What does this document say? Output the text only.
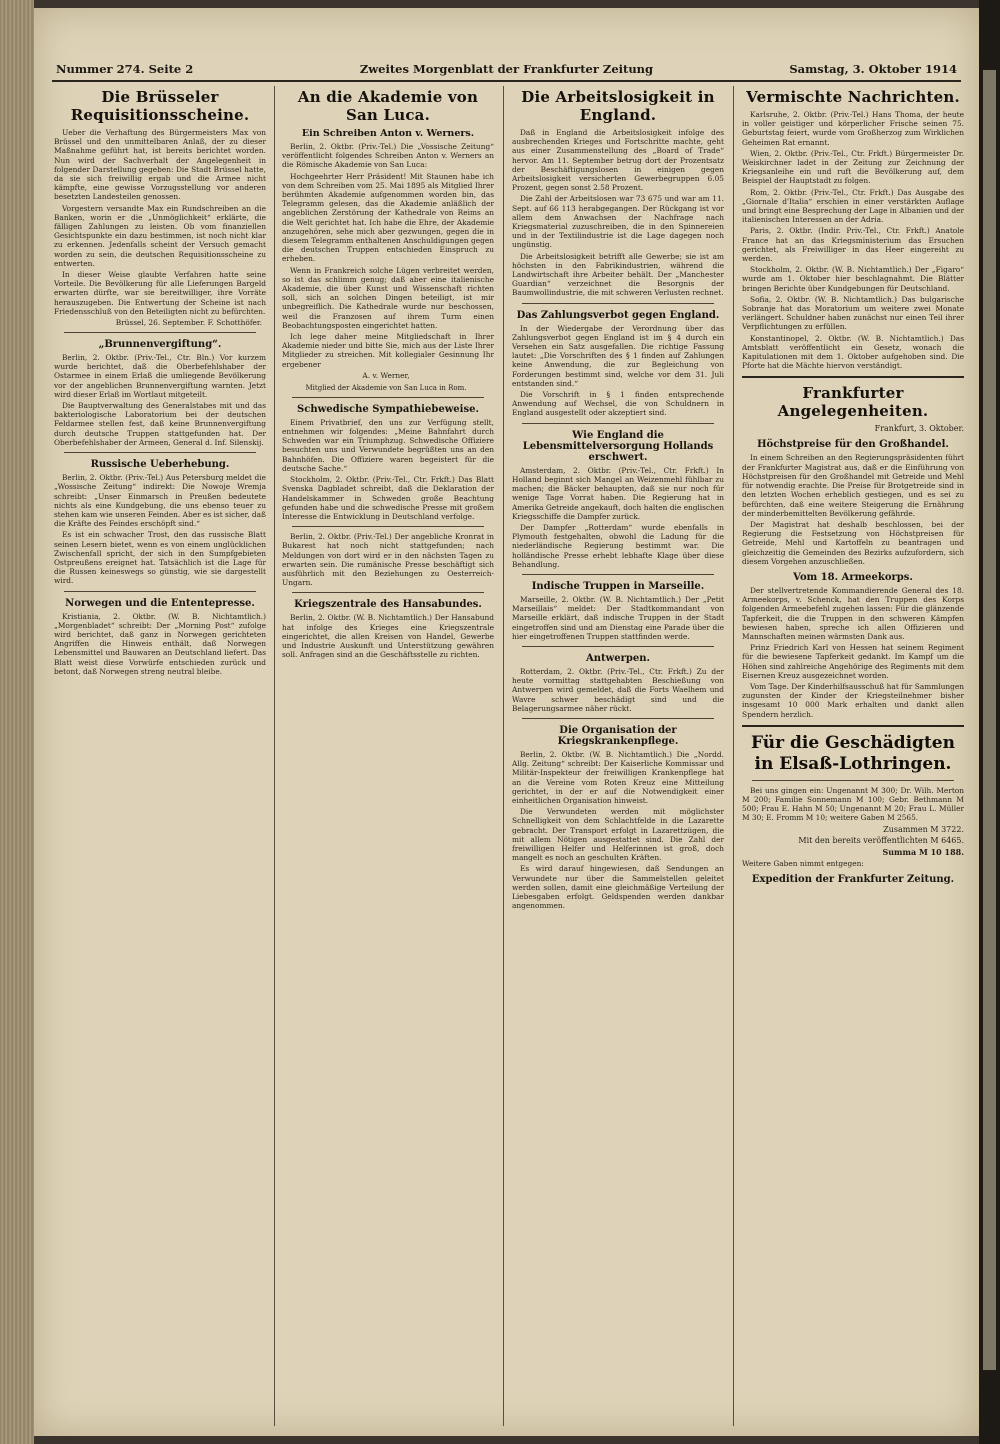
Nummer 274. Seite 2	Zweites Morgenblatt der Frankfurter Zeitung	Samstag, 3. Oktober 1914
Die Brüsseler Requisitionsscheine.

Ueber die Verhaftung des Bürgermeisters Max von Brüssel und den unmittelbaren Anlaß, der zu dieser Maßnahme geführt hat, ist bereits berichtet worden. Nun wird der Sachverhalt der Angelegenheit in folgender Darstellung gegeben: Die Stadt Brüssel hatte, da sie sich freiwillig ergab und die Armee nicht kämpfte, eine gewisse Vorzugsstellung vor anderen besetzten Landesteilen genossen.

Vorgestern versandte Max ein Rundschreiben an die Banken, worin er die „Unmöglichkeit“ erklärte, die fälligen Zahlungen zu leisten. Ob vom finanziellen Gesichtspunkte ein dazu bestimmen, ist noch nicht klar zu erkennen. Jedenfalls scheint der Versuch gemacht worden zu sein, die deutschen Requisitionsscheine zu entwerten.

In dieser Weise glaubte Verfahren hatte seine Vorteile. Die Bevölkerung für alle Lieferungen Bargeld erwarten dürfte, war sie bereitwilliger, ihre Vorräte herauszugeben. Die Entwertung der Scheine ist nach Friedensschluß von den Beteiligten nicht zu befürchten.

Brüssel, 26. September. F. Schotthöfer.
„Brunnenvergiftung“.

Berlin, 2. Oktbr. (Priv.-Tel., Ctr. Bln.) Vor kurzem wurde berichtet, daß die Oberbefehlshaber der Ostarmee in einem Erlaß die umliegende Bevölkerung vor der angeblichen Brunnenvergiftung warnten. Jetzt wird dieser Erlaß im Wortlaut mitgeteilt.

Die Bauptverwaltung des Generalstabes mit und das bakteriologische Laboratorium bei der deutschen Feldarmee stellen fest, daß keine Brunnenvergiftung durch deutsche Truppen stattgefunden hat. Der Oberbefehlshaber der Armeen, General d. Inf. Silenskij.

Russische Ueberhebung.

Berlin, 2. Oktbr. (Priv.-Tel.) Aus Petersburg meldet die „Wossische Zeitung“ indirekt: Die Nowoje Wremja schreibt: „Unser Einmarsch in Preußen bedeutete nichts als eine Kundgebung, die uns ebenso teuer zu stehen kam wie unseren Feinden. Aber es ist sicher, daß die Kräfte des Feindes erschöpft sind.“

Es ist ein schwacher Trost, den das russische Blatt seinen Lesern bietet, wenn es von einem unglücklichen Zwischenfall spricht, der sich in den Sumpfgebieten Ostpreußens ereignet hat. Tatsächlich ist die Lage für die Russen keineswegs so günstig, wie sie dargestellt wird.

Norwegen und die Ententepresse.

Kristiania, 2. Oktbr. (W. B. Nichtamtlich.) „Morgenbladet“ schreibt: Der „Morning Post“ zufolge wird berichtet, daß ganz in Norwegen gerichteten Angriffen die Hinweis enthält, daß Norwegen Lebensmittel und Bauwaren an Deutschland liefert. Das Blatt weist diese Vorwürfe entschieden zurück und betont, daß Norwegen streng neutral bleibe.

An die Akademie von San Luca.
Ein Schreiben Anton v. Werners.

Berlin, 2. Oktbr. (Priv.-Tel.) Die „Vossische Zeitung“ veröffentlicht folgendes Schreiben Anton v. Werners an die Römische Akademie von San Luca:

Hochgeehrter Herr Präsident! Mit Staunen habe ich von dem Schreiben vom 25. Mai 1895 als Mitglied Ihrer berühmten Akademie aufgenommen worden bin, das Telegramm gelesen, das die Akademie anläßlich der angeblichen Zerstörung der Kathedrale von Reims an die Welt gerichtet hat. Ich habe die Ehre, der Akademie anzugehören, sehe mich aber gezwungen, gegen die in diesem Telegramm enthaltenen Anschuldigungen gegen die deutschen Truppen entschieden Einspruch zu erheben.

Wenn in Frankreich solche Lügen verbreitet werden, so ist das schlimm genug; daß aber eine italienische Akademie, die über Kunst und Wissenschaft richten soll, sich an solchen Dingen beteiligt, ist mir unbegreiflich. Die Kathedrale wurde nur beschossen, weil die Franzosen auf ihrem Turm einen Beobachtungsposten eingerichtet hatten.

Ich lege daher meine Mitgliedschaft in Ihrer Akademie nieder und bitte Sie, mich aus der Liste Ihrer Mitglieder zu streichen. Mit kollegialer Gesinnung Ihr ergebener

A. v. Werner,
Mitglied der Akademie von San Luca in Rom.
Schwedische Sympathiebeweise.

Einem Privatbrief, den uns zur Verfügung stellt, entnehmen wir folgendes: „Meine Bahnfahrt durch Schweden war ein Triumphzug. Schwedische Offiziere besuchten uns und Verwundete begrüßten uns an den Bahnhöfen. Die Offiziere waren begeistert für die deutsche Sache.“

Stockholm, 2. Oktbr. (Priv.-Tel., Ctr. Frkft.) Das Blatt Svenska Dagbladet schreibt, daß die Deklaration der Handelskammer in Schweden große Beachtung gefunden habe und die schwedische Presse mit großem Interesse die Entwicklung in Deutschland verfolge.

Berlin, 2. Oktbr. (Priv.-Tel.) Der angebliche Kronrat in Bukarest hat noch nicht stattgefunden; nach Meldungen von dort wird er in den nächsten Tagen zu erwarten sein. Die rumänische Presse beschäftigt sich ausführlich mit den Beziehungen zu Oesterreich-Ungarn.

Kriegszentrale des Hansabundes.

Berlin, 2. Oktbr. (W. B. Nichtamtlich.) Der Hansabund hat infolge des Krieges eine Kriegszentrale eingerichtet, die allen Kreisen von Handel, Gewerbe und Industrie Auskunft und Unterstützung gewähren soll. Anfragen sind an die Geschäftsstelle zu richten.

Die Arbeitslosigkeit in England.

Daß in England die Arbeitslosigkeit infolge des ausbrechenden Krieges und Fortschritte machte, geht aus einer Zusammenstellung des „Board of Trade“ hervor. Am 11. September betrug dort der Prozentsatz der Beschäftigungslosen in einigen gegen Arbeitslosigkeit versicherten Gewerbegruppen 6.05 Prozent, gegen sonst 2.58 Prozent.

Die Zahl der Arbeitslosen war 73 675 und war am 11. Sept. auf 66 113 herabgegangen. Der Rückgang ist vor allem dem Anwachsen der Nachfrage nach Kriegsmaterial zuzuschreiben, die in den Spinnereien und in der Textilindustrie ist die Lage dagegen noch ungünstig.

Die Arbeitslosigkeit betrifft alle Gewerbe; sie ist am höchsten in den Fabrikindustrien, während die Landwirtschaft ihre Arbeiter behält. Der „Manchester Guardian“ verzeichnet die Besorgnis der Baumwollindustrie, die mit schweren Verlusten rechnet.

Das Zahlungsverbot gegen England.

In der Wiedergabe der Verordnung über das Zahlungsverbot gegen England ist im § 4 durch ein Versehen ein Satz ausgefallen. Die richtige Fassung lautet: „Die Vorschriften des § 1 finden auf Zahlungen keine Anwendung, die zur Begleichung von Forderungen bestimmt sind, welche vor dem 31. Juli entstanden sind.“

Die Vorschrift in § 1 finden entsprechende Anwendung auf Wechsel, die von Schuldnern in England ausgestellt oder akzeptiert sind.

Wie England die Lebensmittelversorgung Hollands erschwert.

Amsterdam, 2. Oktbr. (Priv.-Tel., Ctr. Frkft.) In Holland beginnt sich Mangel an Weizenmehl fühlbar zu machen; die Bäcker behaupten, daß sie nur noch für wenige Tage Vorrat haben. Die Regierung hat in Amerika Getreide angekauft, doch halten die englischen Kriegsschiffe die Dampfer zurück.

Der Dampfer „Rotterdam“ wurde ebenfalls in Plymouth festgehalten, obwohl die Ladung für die niederländische Regierung bestimmt war. Die holländische Presse erhebt lebhafte Klage über diese Behandlung.

Indische Truppen in Marseille.

Marseille, 2. Oktbr. (W. B. Nichtamtlich.) Der „Petit Marseillais“ meldet: Der Stadtkommandant von Marseille erklärt, daß indische Truppen in der Stadt eingetroffen sind und am Dienstag eine Parade über die hier eingetroffenen Truppen stattfinden werde.

Antwerpen.

Rotterdam, 2. Oktbr. (Priv.-Tel., Ctr. Frkft.) Zu der heute vormittag stattgehabten Beschießung von Antwerpen wird gemeldet, daß die Forts Waelhem und Wavre schwer beschädigt sind und die Belagerungsarmee näher rückt.

Die Organisation der Kriegskrankenpflege.

Berlin, 2. Oktbr. (W. B. Nichtamtlich.) Die „Nordd. Allg. Zeitung“ schreibt: Der Kaiserliche Kommissar und Militär-Inspekteur der freiwilligen Krankenpflege hat an die Vereine vom Roten Kreuz eine Mitteilung gerichtet, in der er auf die Notwendigkeit einer einheitlichen Organisation hinweist.

Die Verwundeten werden mit möglichster Schnelligkeit von dem Schlachtfelde in die Lazarette gebracht. Der Transport erfolgt in Lazarettzügen, die mit allem Nötigen ausgestattet sind. Die Zahl der freiwilligen Helfer und Helferinnen ist groß, doch mangelt es noch an geschulten Kräften.

Es wird darauf hingewiesen, daß Sendungen an Verwundete nur über die Sammelstellen geleitet werden sollen, damit eine gleichmäßige Verteilung der Liebesgaben erfolgt. Geldspenden werden dankbar angenommen.

Vermischte Nachrichten.

Karlsruhe, 2. Oktbr. (Priv.-Tel.) Hans Thoma, der heute in voller geistiger und körperlicher Frische seinen 75. Geburtstag feiert, wurde vom Großherzog zum Wirklichen Geheimen Rat ernannt.

Wien, 2. Oktbr. (Priv.-Tel., Ctr. Frkft.) Bürgermeister Dr. Weiskirchner ladet in der Zeitung zur Zeichnung der Kriegsanleihe ein und ruft die Bevölkerung auf, dem Beispiel der Hauptstadt zu folgen.

Rom, 2. Oktbr. (Priv.-Tel., Ctr. Frkft.) Das Ausgabe des „Giornale d'Italia“ erschien in einer verstärkten Auflage und bringt eine Besprechung der Lage in Albanien und der italienischen Interessen an der Adria.

Paris, 2. Oktbr. (Indir. Priv.-Tel., Ctr. Frkft.) Anatole France hat an das Kriegsministerium das Ersuchen gerichtet, als Freiwilliger in das Heer eingereiht zu werden.

Stockholm, 2. Oktbr. (W. B. Nichtamtlich.) Der „Figaro“ wurde am 1. Oktober hier beschlagnahmt. Die Blätter bringen Berichte über Kundgebungen für Deutschland.

Sofia, 2. Oktbr. (W. B. Nichtamtlich.) Das bulgarische Sobranje hat das Moratorium um weitere zwei Monate verlängert. Schuldner haben zunächst nur einen Teil ihrer Verpflichtungen zu erfüllen.

Konstantinopel, 2. Oktbr. (W. B. Nichtamtlich.) Das Amtsblatt veröffentlicht ein Gesetz, wonach die Kapitulationen mit dem 1. Oktober aufgehoben sind. Die Pforte hat die Mächte hiervon verständigt.

Frankfurter Angelegenheiten.
Frankfurt, 3. Oktober.
Höchstpreise für den Großhandel.

In einem Schreiben an den Regierungspräsidenten führt der Frankfurter Magistrat aus, daß er die Einführung von Höchstpreisen für den Großhandel mit Getreide und Mehl für notwendig erachte. Die Preise für Brotgetreide sind in den letzten Wochen erheblich gestiegen, und es sei zu befürchten, daß eine weitere Steigerung die Ernährung der minderbemittelten Bevölkerung gefährde.

Der Magistrat hat deshalb beschlossen, bei der Regierung die Festsetzung von Höchstpreisen für Getreide, Mehl und Kartoffeln zu beantragen und gleichzeitig die Gemeinden des Bezirks aufzufordern, sich diesem Vorgehen anzuschließen.

Vom 18. Armeekorps.

Der stellvertretende Kommandierende General des 18. Armeekorps, v. Schenck, hat den Truppen des Korps folgenden Armeebefehl zugehen lassen: Für die glänzende Tapferkeit, die die Truppen in den schweren Kämpfen bewiesen haben, spreche ich allen Offizieren und Mannschaften meinen wärmsten Dank aus.

Prinz Friedrich Karl von Hessen hat seinem Regiment für die bewiesene Tapferkeit gedankt. Im Kampf um die Höhen sind zahlreiche Angehörige des Regiments mit dem Eisernen Kreuz ausgezeichnet worden.

Vom Tage. Der Kinderhilfsausschuß hat für Sammlungen zugunsten der Kinder der Kriegsteilnehmer bisher insgesamt 10 000 Mark erhalten und dankt allen Spendern herzlich.

Für die Geschädigten in Elsaß-Lothringen.

Bei uns gingen ein: Ungenannt M 300; Dr. Wilh. Merton M 200; Familie Sonnemann M 100; Gebr. Bethmann M 500; Frau E. Hahn M 50; Ungenannt M 20; Frau L. Müller M 30; E. Fromm M 10; weitere Gaben M 2565.

Zusammen M 3722.
Mit den bereits veröffentlichten M 6465.
Summa M 10 188.
Weitere Gaben nimmt entgegen:
Expedition der Frankfurter Zeitung.
